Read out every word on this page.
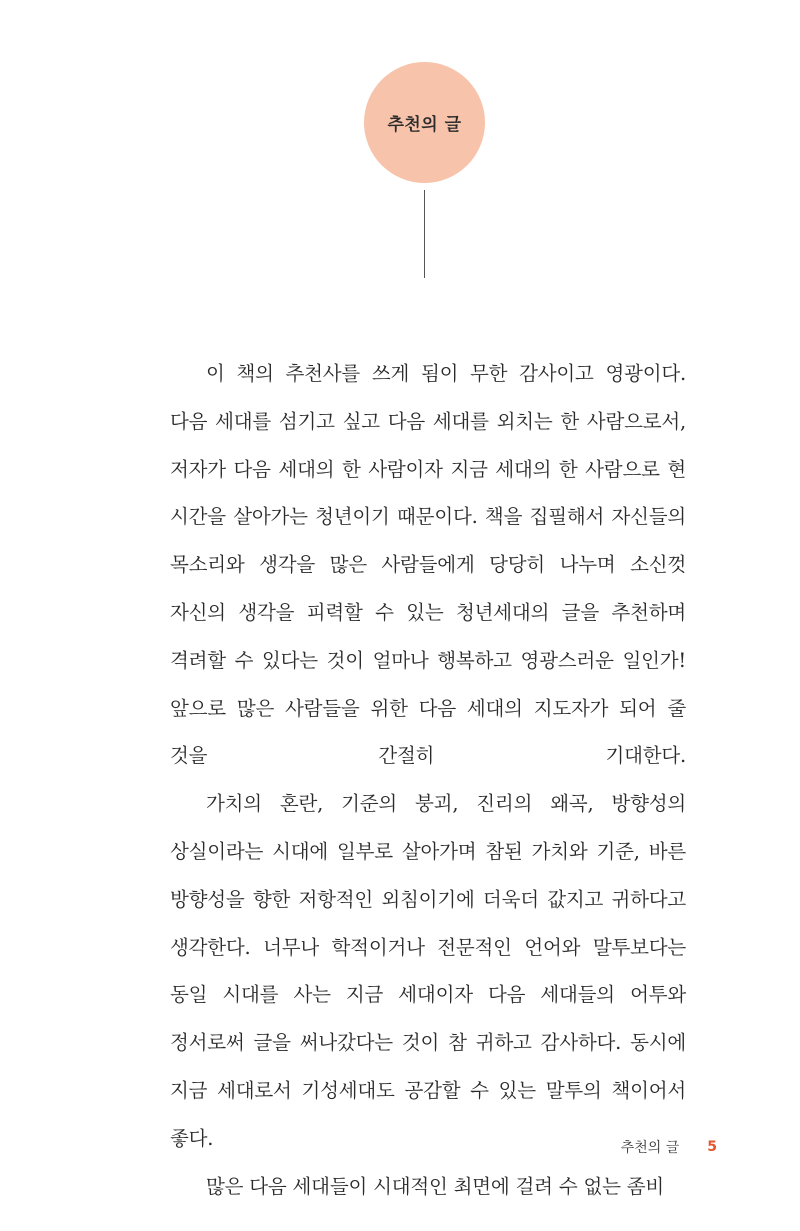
추천의 글

이 책의 추천사를 쓰게 됨이 무한 감사이고 영광이다. 다음 세대를 섬기고 싶고 다음 세대를 외치는 한 사람으로서, 저자가 다음 세대의 한 사람이자 지금 세대의 한 사람으로 현 시간을 살아가는 청년이기 때문이다. 책을 집필해서 자신들의 목소리와 생각을 많은 사람들에게 당당히 나누며 소신껏 자신의 생각을 피력할 수 있는 청년세대의 글을 추천하며 격려할 수 있다는 것이 얼마나 행복하고 영광스러운 일인가! 앞으로 많은 사람들을 위한 다음 세대의 지도자가 되어 줄 것을 간절히 기대한다.

가치의 혼란, 기준의 붕괴, 진리의 왜곡, 방향성의 상실이라는 시대에 일부로 살아가며 참된 가치와 기준, 바른 방향성을 향한 저항적인 외침이기에 더욱더 값지고 귀하다고 생각한다. 너무나 학적이거나 전문적인 언어와 말투보다는 동일 시대를 사는 지금 세대이자 다음 세대들의 어투와 정서로써 글을 써나갔다는 것이 참 귀하고 감사하다. 동시에 지금 세대로서 기성세대도 공감할 수 있는 말투의 책이어서 좋다.

많은 다음 세대들이 시대적인 최면에 걸려 수 없는 좀비

추천의 글 5
